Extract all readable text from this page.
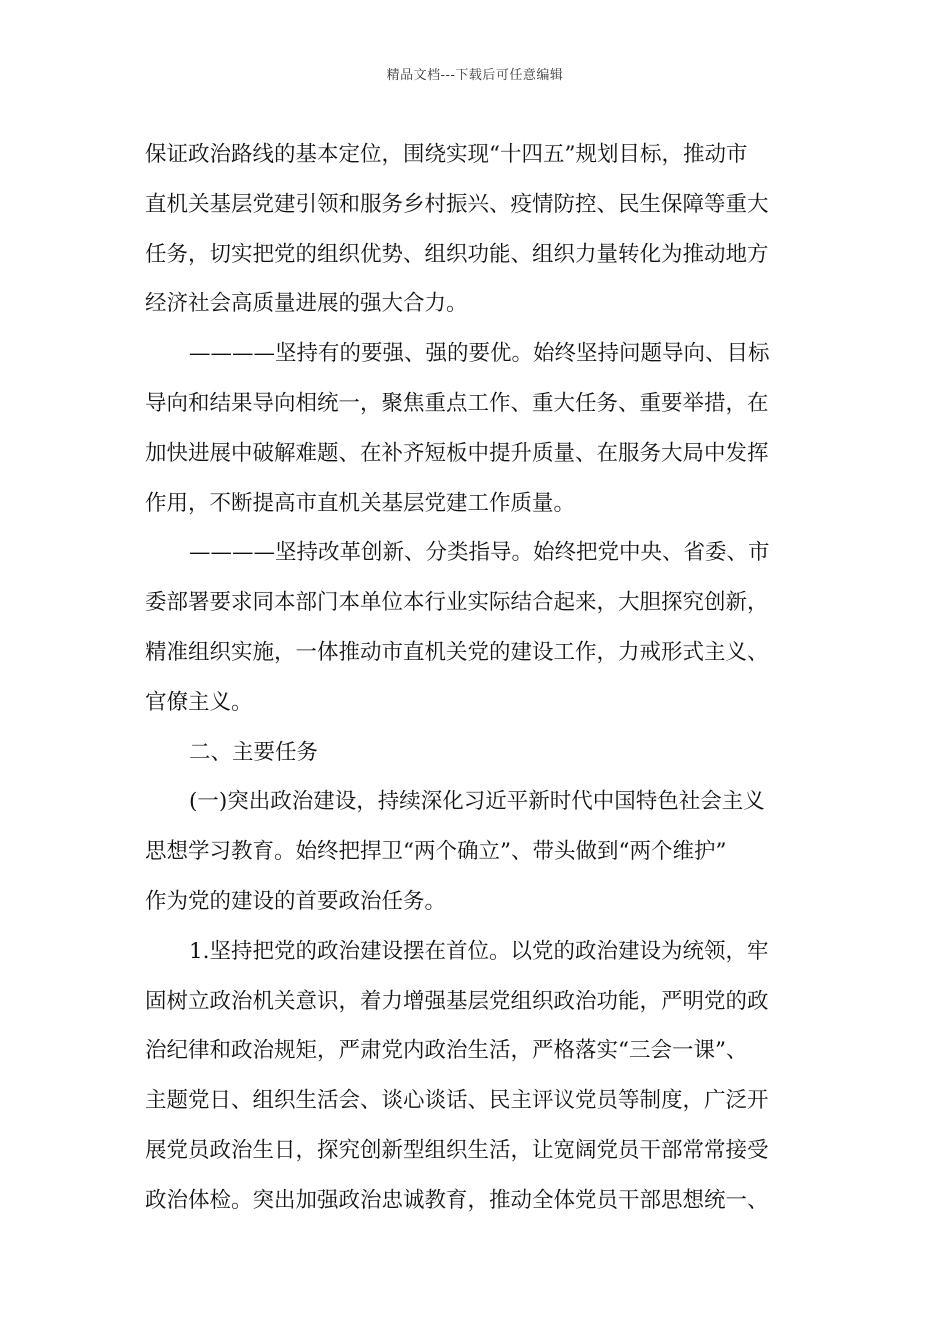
精品文档---下载后可任意编辑
保证政治路线的基本定位，围绕实现“十四五”规划目标，推动市
直机关基层党建引领和服务乡村振兴、疫情防控、民生保障等重大
任务，切实把党的组织优势、组织功能、组织力量转化为推动地方
经济社会高质量进展的强大合力。
————坚持有的要强、强的要优。始终坚持问题导向、目标
导向和结果导向相统一，聚焦重点工作、重大任务、重要举措，在
加快进展中破解难题、在补齐短板中提升质量、在服务大局中发挥
作用，不断提高市直机关基层党建工作质量。
————坚持改革创新、分类指导。始终把党中央、省委、市
委部署要求同本部门本单位本行业实际结合起来，大胆探究创新，
精准组织实施，一体推动市直机关党的建设工作，力戒形式主义、
官僚主义。
二、主要任务
(一)突出政治建设，持续深化习近平新时代中国特色社会主义
思想学习教育。始终把捍卫“两个确立”、带头做到“两个维护”
作为党的建设的首要政治任务。
1.坚持把党的政治建设摆在首位。以党的政治建设为统领，牢
固树立政治机关意识，着力增强基层党组织政治功能，严明党的政
治纪律和政治规矩，严肃党内政治生活，严格落实“三会一课”、
主题党日、组织生活会、谈心谈话、民主评议党员等制度，广泛开
展党员政治生日，探究创新型组织生活，让宽阔党员干部常常接受
政治体检。突出加强政治忠诚教育，推动全体党员干部思想统一、
